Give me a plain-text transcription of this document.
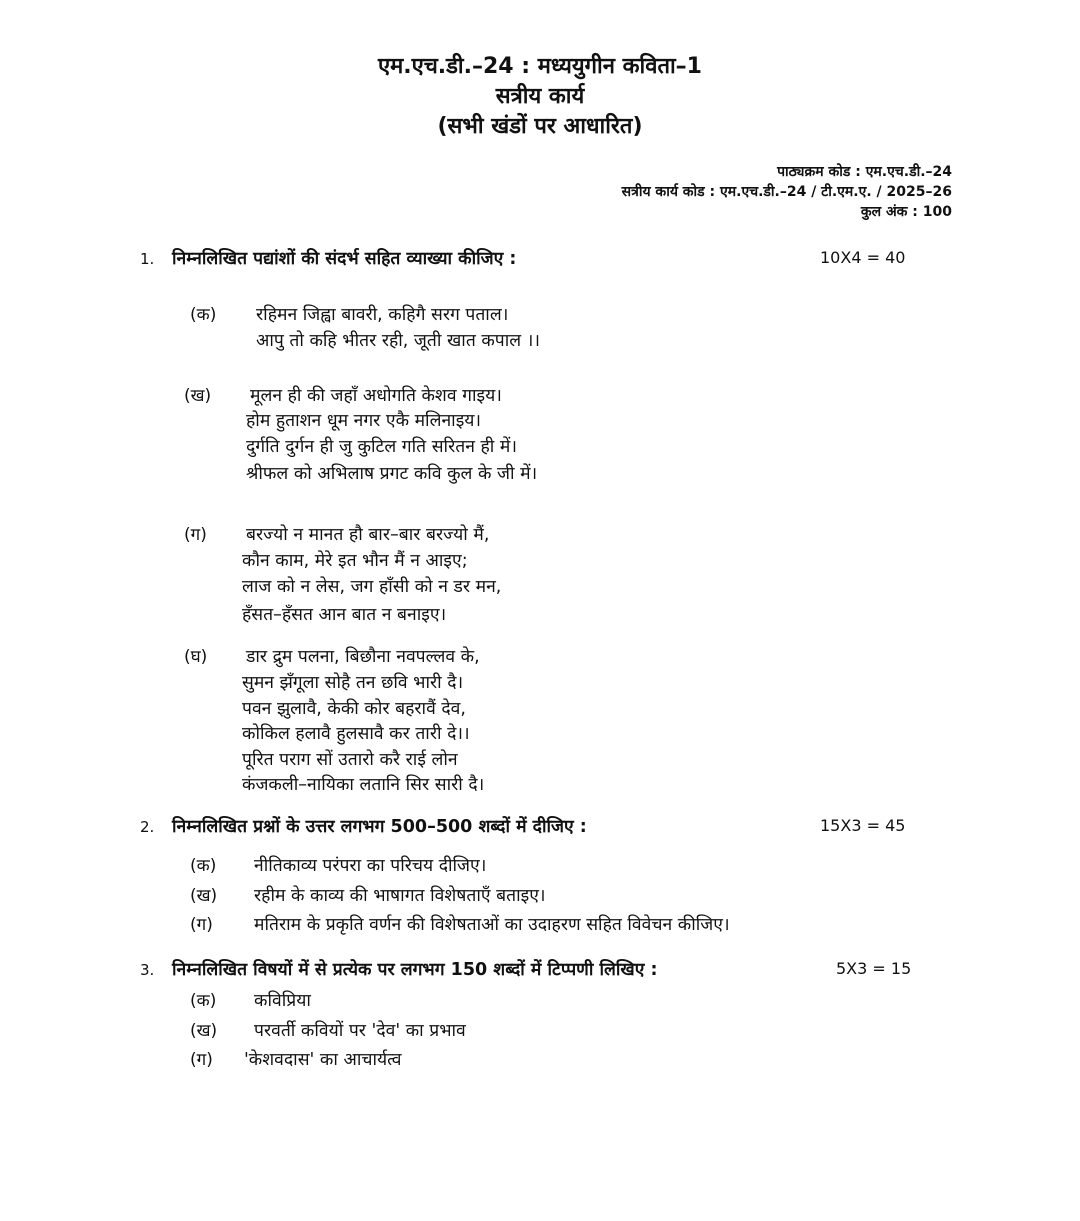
एम.एच.डी.–24 : मध्ययुगीन कविता–1
सत्रीय कार्य
(सभी खंडों पर आधारित)
पाठ्यक्रम कोड : एम.एच.डी.–24
सत्रीय कार्य कोड : एम.एच.डी.–24 / टी.एम.ए. / 2025–26
कुल अंक : 100
1. निम्नलिखित पद्यांशों की संदर्भ सहित व्याख्या कीजिए :	10X4 = 40
(क) रहिमन जिह्वा बावरी, कहिगै सरग पताल।
आपु तो कहि भीतर रही, जूती खात कपाल ।।
(ख) मूलन ही की जहाँ अधोगति केशव गाइय।
होम हुताशन धूम नगर एकै मलिनाइय।
दुर्गति दुर्गन ही जु कुटिल गति सरितन ही में।
श्रीफल को अभिलाष प्रगट कवि कुल के जी में।
(ग) बरज्यो न मानत हौ बार–बार बरज्यो मैं,
कौन काम, मेरे इत भौन मैं न आइए;
लाज को न लेस, जग हाँसी को न डर मन,
हँसत–हँसत आन बात न बनाइए।
(घ) डार द्रुम पलना, बिछौना नवपल्लव के,
सुमन झँगूला सोहै तन छवि भारी दै।
पवन झुलावै, केकी कोर बहरावैं देव,
कोकिल हलावै हुलसावै कर तारी दे।।
पूरित पराग सों उतारो करै राई लोन
कंजकली–नायिका लतानि सिर सारी दै।
2. निम्नलिखित प्रश्नों के उत्तर लगभग 500–500 शब्दों में दीजिए :	15X3 = 45
(क) नीतिकाव्य परंपरा का परिचय दीजिए।
(ख) रहीम के काव्य की भाषागत विशेषताएँ बताइए।
(ग) मतिराम के प्रकृति वर्णन की विशेषताओं का उदाहरण सहित विवेचन कीजिए।
3. निम्नलिखित विषयों में से प्रत्येक पर लगभग 150 शब्दों में टिप्पणी लिखिए :	5X3 = 15
(क) कविप्रिया
(ख) परवर्ती कवियों पर 'देव' का प्रभाव
(ग) 'केशवदास' का आचार्यत्व
